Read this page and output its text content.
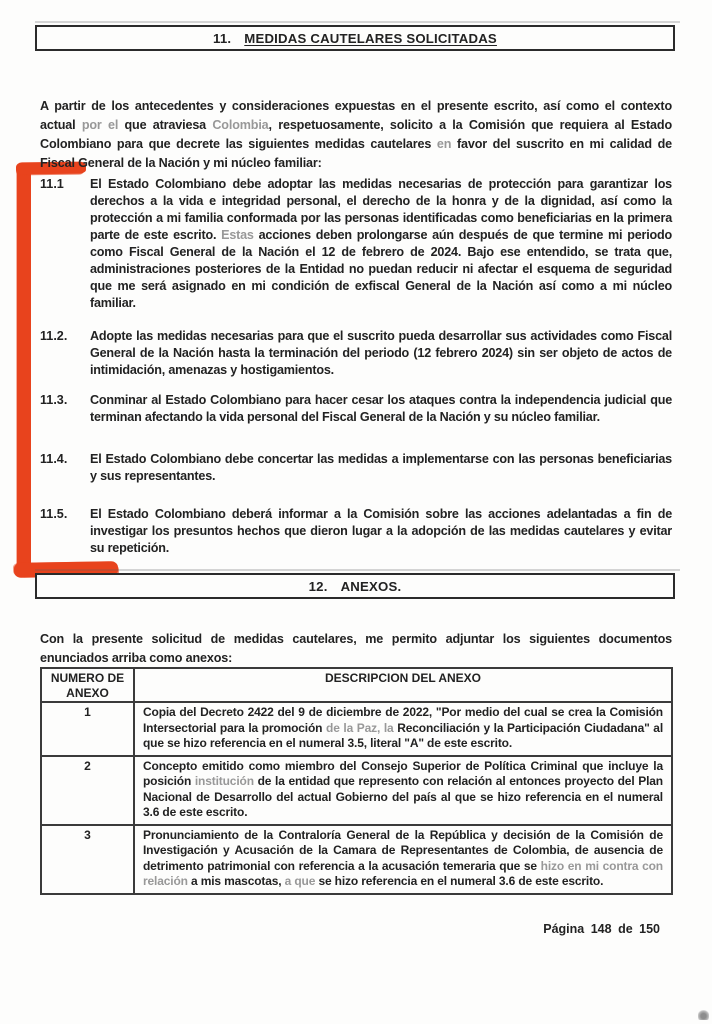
11. MEDIDAS CAUTELARES SOLICITADAS

A partir de los antecedentes y consideraciones expuestas en el presente escrito, así como el contexto actual por el que atraviesa Colombia, respetuosamente, solicito a la Comisión que requiera al Estado Colombiano para que decrete las siguientes medidas cautelares en favor del suscrito en mi calidad de Fiscal General de la Nación y mi núcleo familiar:

11.1	El Estado Colombiano debe adoptar las medidas necesarias de protección para garantizar los derechos a la vida e integridad personal, el derecho de la honra y de la dignidad, así como la protección a mi familia conformada por las personas identificadas como beneficiarias en la primera parte de este escrito. Estas acciones deben prolongarse aún después de que termine mi periodo como Fiscal General de la Nación el 12 de febrero de 2024. Bajo ese entendido, se trata que, administraciones posteriores de la Entidad no puedan reducir ni afectar el esquema de seguridad que me será asignado en mi condición de exfiscal General de la Nación así como a mi núcleo familiar.
11.2.	Adopte las medidas necesarias para que el suscrito pueda desarrollar sus actividades como Fiscal General de la Nación hasta la terminación del periodo (12 febrero 2024) sin ser objeto de actos de intimidación, amenazas y hostigamientos.
11.3.	Conminar al Estado Colombiano para hacer cesar los ataques contra la independencia judicial que terminan afectando la vida personal del Fiscal General de la Nación y su núcleo familiar.
11.4.	El Estado Colombiano debe concertar las medidas a implementarse con las personas beneficiarias y sus representantes.
11.5.	El Estado Colombiano deberá informar a la Comisión sobre las acciones adelantadas a fin de investigar los presuntos hechos que dieron lugar a la adopción de las medidas cautelares y evitar su repetición.
12. ANEXOS.

Con la presente solicitud de medidas cautelares, me permito adjuntar los siguientes documentos enunciados arriba como anexos:

NUMERO DE ANEXO	DESCRIPCION DEL ANEXO
1	Copia del Decreto 2422 del 9 de diciembre de 2022, "Por medio del cual se crea la Comisión Intersectorial para la promoción de la Paz, la Reconciliación y la Participación Ciudadana" al que se hizo referencia en el numeral 3.5, literal "A" de este escrito.
2	Concepto emitido como miembro del Consejo Superior de Política Criminal que incluye la posición institución de la entidad que represento con relación al entonces proyecto del Plan Nacional de Desarrollo del actual Gobierno del país al que se hizo referencia en el numeral 3.6 de este escrito.
3	Pronunciamiento de la Contraloría General de la República y decisión de la Comisión de Investigación y Acusación de la Camara de Representantes de Colombia, de ausencia de detrimento patrimonial con referencia a la acusación temeraria que se hizo en mi contra con relación a mis mascotas, a que se hizo referencia en el numeral 3.6 de este escrito.
Página 148 de 150
